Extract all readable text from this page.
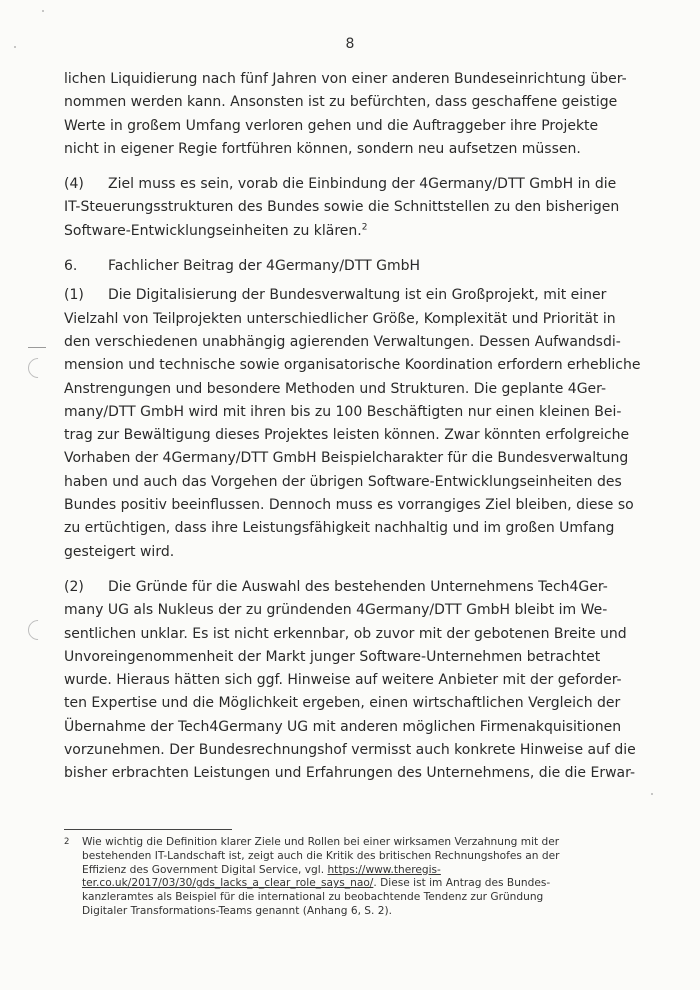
8
lichen Liquidierung nach fünf Jahren von einer anderen Bundeseinrichtung über-
nommen werden kann. Ansonsten ist zu befürchten, dass geschaffene geistige
Werte in großem Umfang verloren gehen und die Auftraggeber ihre Projekte
nicht in eigener Regie fortführen können, sondern neu aufsetzen müssen.
(4) Ziel muss es sein, vorab die Einbindung der 4Germany/DTT GmbH in die
IT-Steuerungsstrukturen des Bundes sowie die Schnittstellen zu den bisherigen
Software-Entwicklungseinheiten zu klären.$^2$
6. Fachlicher Beitrag der 4Germany/DTT GmbH
(1) Die Digitalisierung der Bundesverwaltung ist ein Großprojekt, mit einer
Vielzahl von Teilprojekten unterschiedlicher Größe, Komplexität und Priorität in
den verschiedenen unabhängig agierenden Verwaltungen. Dessen Aufwandsdi-
mension und technische sowie organisatorische Koordination erfordern erhebliche
Anstrengungen und besondere Methoden und Strukturen. Die geplante 4Ger-
many/DTT GmbH wird mit ihren bis zu 100 Beschäftigten nur einen kleinen Bei-
trag zur Bewältigung dieses Projektes leisten können. Zwar könnten erfolgreiche
Vorhaben der 4Germany/DTT GmbH Beispielcharakter für die Bundesverwaltung
haben und auch das Vorgehen der übrigen Software-Entwicklungseinheiten des
Bundes positiv beeinflussen. Dennoch muss es vorrangiges Ziel bleiben, diese so
zu ertüchtigen, dass ihre Leistungsfähigkeit nachhaltig und im großen Umfang
gesteigert wird.
(2) Die Gründe für die Auswahl des bestehenden Unternehmens Tech4Ger-
many UG als Nukleus der zu gründenden 4Germany/DTT GmbH bleibt im We-
sentlichen unklar. Es ist nicht erkennbar, ob zuvor mit der gebotenen Breite und
Unvoreingenommenheit der Markt junger Software-Unternehmen betrachtet
wurde. Hieraus hätten sich ggf. Hinweise auf weitere Anbieter mit der geforder-
ten Expertise und die Möglichkeit ergeben, einen wirtschaftlichen Vergleich der
Übernahme der Tech4Germany UG mit anderen möglichen Firmenakquisitionen
vorzunehmen. Der Bundesrechnungshof vermisst auch konkrete Hinweise auf die
bisher erbrachten Leistungen und Erfahrungen des Unternehmens, die die Erwar-
2 Wie wichtig die Definition klarer Ziele und Rollen bei einer wirksamen Verzahnung mit der
bestehenden IT-Landschaft ist, zeigt auch die Kritik des britischen Rechnungshofes an der
Effizienz des Government Digital Service, vgl. https://www.theregis-
ter.co.uk/2017/03/30/gds_lacks_a_clear_role_says_nao/. Diese ist im Antrag des Bundes-
kanzleramtes als Beispiel für die international zu beobachtende Tendenz zur Gründung
Digitaler Transformations-Teams genannt (Anhang 6, S. 2).
